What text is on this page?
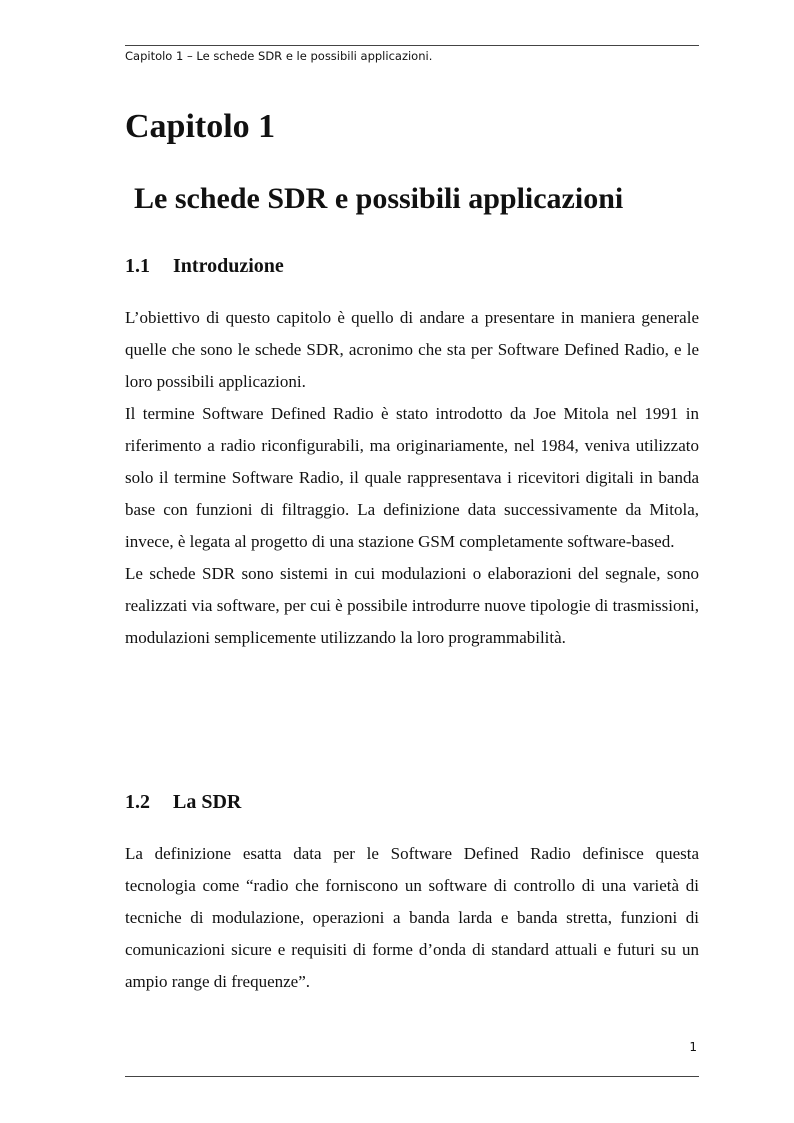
Capitolo 1 – Le schede SDR e le possibili applicazioni.
Capitolo 1
Le schede SDR e possibili applicazioni
1.1 Introduzione

L’obiettivo di questo capitolo è quello di andare a presentare in maniera generale quelle che sono le schede SDR, acronimo che sta per Software Defined Radio, e le loro possibili applicazioni.

Il termine Software Defined Radio è stato introdotto da Joe Mitola nel 1991 in riferimento a radio riconfigurabili, ma originariamente, nel 1984, veniva utilizzato solo il termine Software Radio, il quale rappresentava i ricevitori digitali in banda base con funzioni di filtraggio. La definizione data successivamente da Mitola, invece, è legata al progetto di una stazione GSM completamente software-based.

Le schede SDR sono sistemi in cui modulazioni o elaborazioni del segnale, sono realizzati via software, per cui è possibile introdurre nuove tipologie di trasmissioni, modulazioni semplicemente utilizzando la loro programmabilità.

1.2 La SDR

La definizione esatta data per le Software Defined Radio definisce questa tecnologia come “radio che forniscono un software di controllo di una varietà di tecniche di modulazione, operazioni a banda larda e banda stretta, funzioni di comunicazioni sicure e requisiti di forme d’onda di standard attuali e futuri su un ampio range di frequenze”.

1
